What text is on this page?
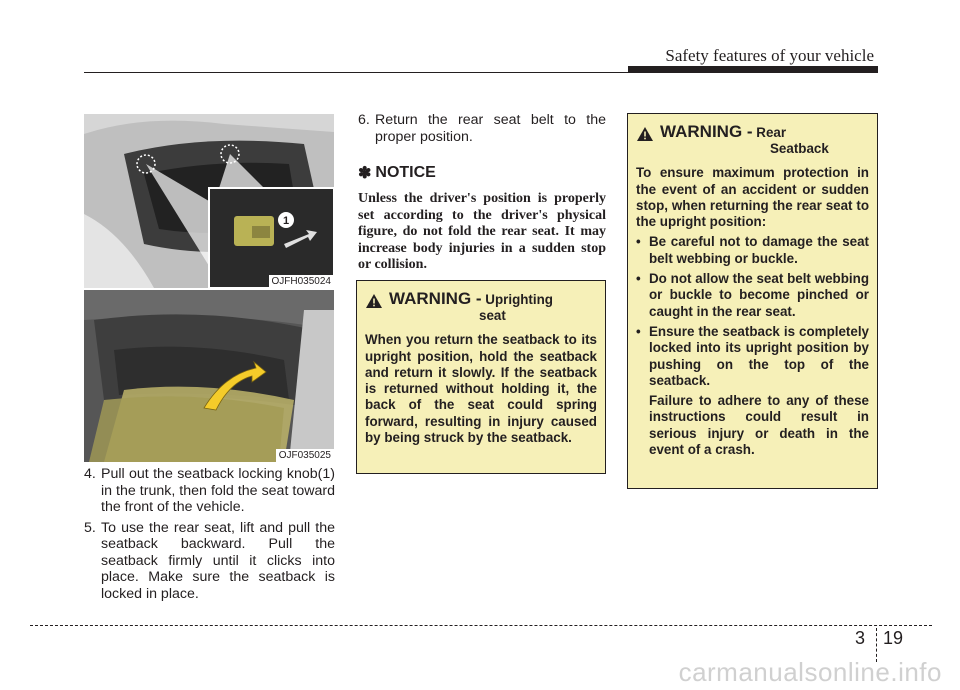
Safety features of your vehicle
1
OJFH035024
OJF035025
4. Pull out the seatback locking knob(1) in the trunk, then fold the seat toward the front of the vehicle.
5. To use the rear seat, lift and pull the seatback backward. Pull the seatback firmly until it clicks into place. Make sure the seatback is locked in place.
6. Return the rear seat belt to the proper position.
✽ NOTICE
Unless the driver's position is properly set according to the driver's physical figure, do not fold the rear seat. It may increase body injuries in a sudden stop or collision.
WARNING - Uprighting
seat
When you return the seatback to its upright position, hold the seatback and return it slowly. If the seatback is returned without holding it, the back of the seat could spring forward, resulting in injury caused by being struck by the seatback.
WARNING - Rear
Seatback
To ensure maximum protection in the event of an accident or sudden stop, when returning the rear seat to the upright position:
• Be careful not to damage the seat belt webbing or buckle.
• Do not allow the seat belt webbing or buckle to become pinched or caught in the rear seat.
• Ensure the seatback is completely locked into its upright position by pushing on the top of the seatback.
Failure to adhere to any of these instructions could result in serious injury or death in the event of a crash.
3 19
carmanualsonline.info
